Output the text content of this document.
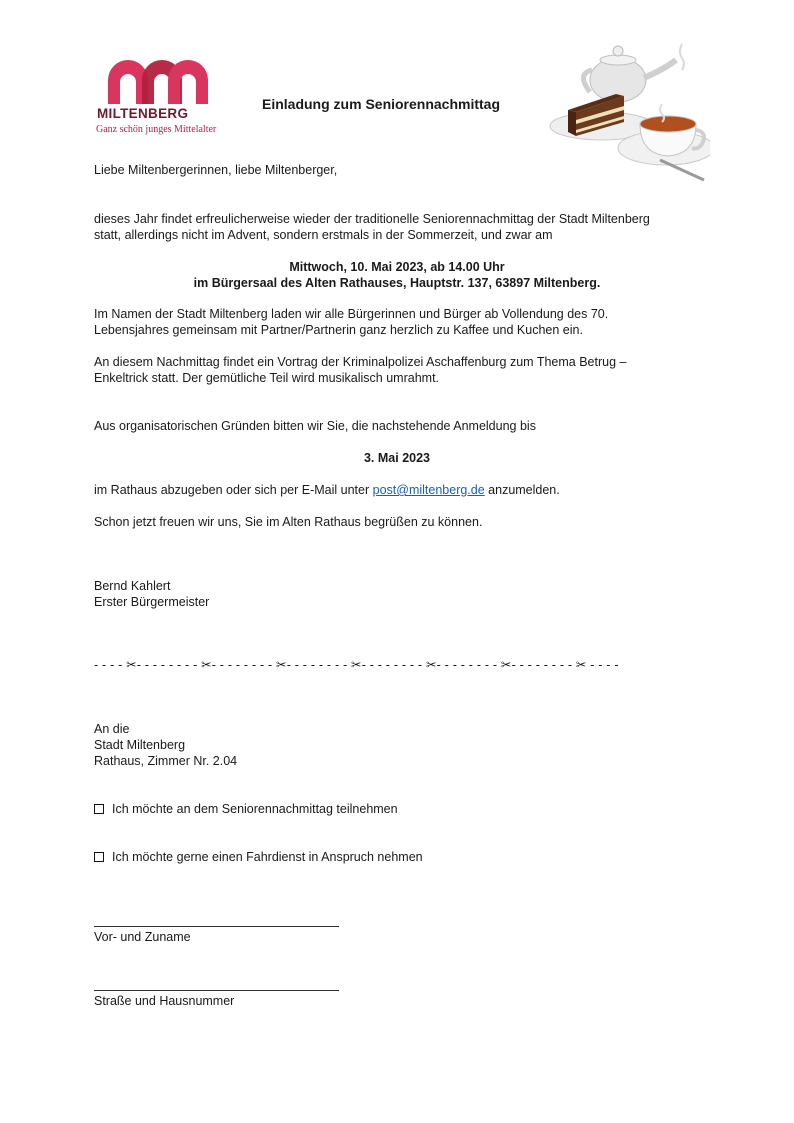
MILTENBERG
Ganz schön junges Mittelalter
Einladung zum Seniorennachmittag
Liebe Miltenbergerinnen, liebe Miltenberger,
dieses Jahr findet erfreulicherweise wieder der traditionelle Seniorennachmittag der Stadt Miltenberg
statt, allerdings nicht im Advent, sondern erstmals in der Sommerzeit, und zwar am
Mittwoch, 10. Mai 2023, ab 14.00 Uhr
im Bürgersaal des Alten Rathauses, Hauptstr. 137, 63897 Miltenberg.
Im Namen der Stadt Miltenberg laden wir alle Bürgerinnen und Bürger ab Vollendung des 70.
Lebensjahres gemeinsam mit Partner/Partnerin ganz herzlich zu Kaffee und Kuchen ein.
An diesem Nachmittag findet ein Vortrag der Kriminalpolizei Aschaffenburg zum Thema Betrug –
Enkeltrick statt. Der gemütliche Teil wird musikalisch umrahmt.
Aus organisatorischen Gründen bitten wir Sie, die nachstehende Anmeldung bis
3. Mai 2023
im Rathaus abzugeben oder sich per E-Mail unter post@miltenberg.de anzumelden.
Schon jetzt freuen wir uns, Sie im Alten Rathaus begrüßen zu können.
Bernd Kahlert
Erster Bürgermeister
- - - - ✂- - - - - - - - ✂- - - - - - - - ✂- - - - - - - - ✂- - - - - - - - ✂- - - - - - - - ✂- - - - - - - - ✂ - - - -
An die
Stadt Miltenberg
Rathaus, Zimmer Nr. 2.04
Ich möchte an dem Seniorennachmittag teilnehmen
Ich möchte gerne einen Fahrdienst in Anspruch nehmen
Vor- und Zuname
Straße und Hausnummer
